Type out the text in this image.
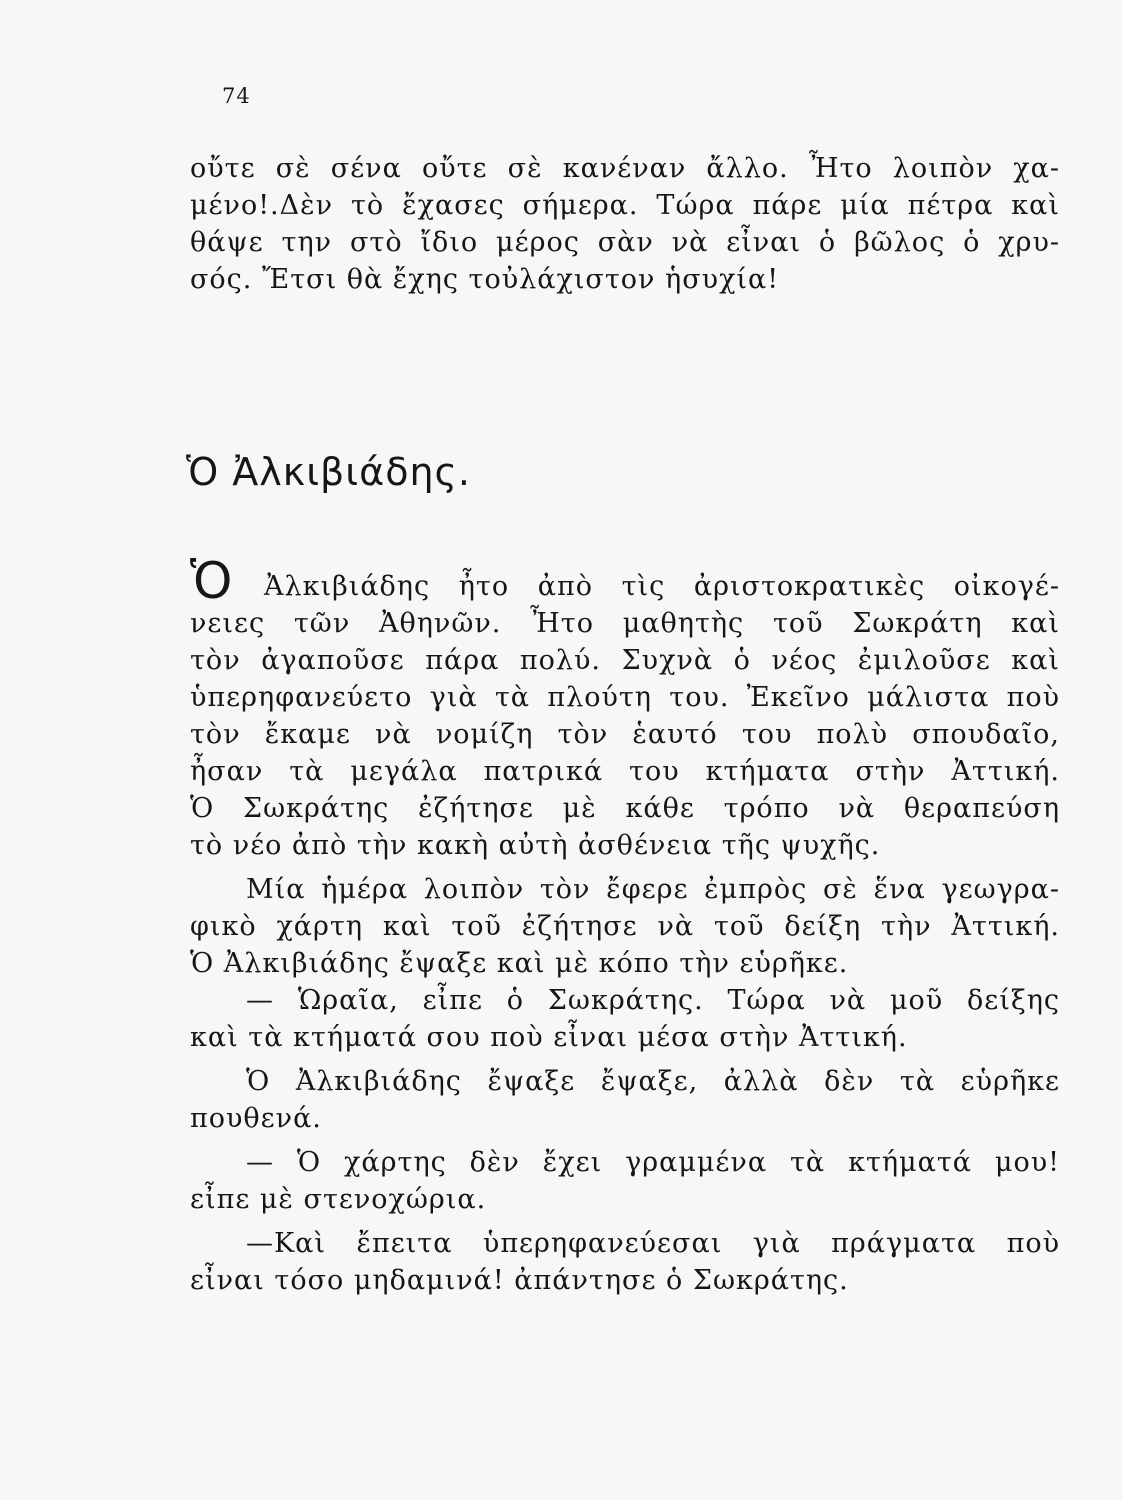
74
οὔτε σὲ σένα οὔτε σὲ κανέναν ἄλλο. Ἦτο λοιπὸν χα-
μένο!.Δὲν τὸ ἔχασες σήμερα. Τώρα πάρε μία πέτρα καὶ
θάψε την στὸ ἴδιο μέρος σὰν νὰ εἶναι ὁ βῶλος ὁ χρυ-
σός. Ἔτσι θὰ ἔχης τοὐλάχιστον ἡσυχία!
Ὁ Ἀλκιβιάδης.
Ὁ Ἀλκιβιάδης ἦτο ἀπὸ τὶς ἀριστοκρατικὲς οἰκογέ-
νειες τῶν Ἀθηνῶν. Ἦτο μαθητὴς τοῦ Σωκράτη καὶ
τὸν ἀγαποῦσε πάρα πολύ. Συχνὰ ὁ νέος ἐμιλοῦσε καὶ
ὑπερηφανεύετο γιὰ τὰ πλούτη του. Ἐκεῖνο μάλιστα ποὺ
τὸν ἔκαμε νὰ νομίζη τὸν ἑαυτό του πολὺ σπουδαῖο,
ἦσαν τὰ μεγάλα πατρικά του κτήματα στὴν Ἀττική.
Ὁ Σωκράτης ἐζήτησε μὲ κάθε τρόπο νὰ θεραπεύση
τὸ νέο ἀπὸ τὴν κακὴ αὐτὴ ἀσθένεια τῆς ψυχῆς.
Μία ἡμέρα λοιπὸν τὸν ἔφερε ἐμπρὸς σὲ ἕνα γεωγρα-
φικὸ χάρτη καὶ τοῦ ἐζήτησε νὰ τοῦ δείξη τὴν Ἀττική.
Ὁ Ἀλκιβιάδης ἔψαξε καὶ μὲ κόπο τὴν εὑρῆκε.
— Ὡραῖα, εἶπε ὁ Σωκράτης. Τώρα νὰ μοῦ δείξης
καὶ τὰ κτήματά σου ποὺ εἶναι μέσα στὴν Ἀττική.
Ὁ Ἀλκιβιάδης ἔψαξε ἔψαξε, ἀλλὰ δὲν τὰ εὑρῆκε
πουθενά.
— Ὁ χάρτης δὲν ἔχει γραμμένα τὰ κτήματά μου!
εἶπε μὲ στενοχώρια.
—Καὶ ἔπειτα ὑπερηφανεύεσαι γιὰ πράγματα ποὺ
εἶναι τόσο μηδαμινά! ἀπάντησε ὁ Σωκράτης.
